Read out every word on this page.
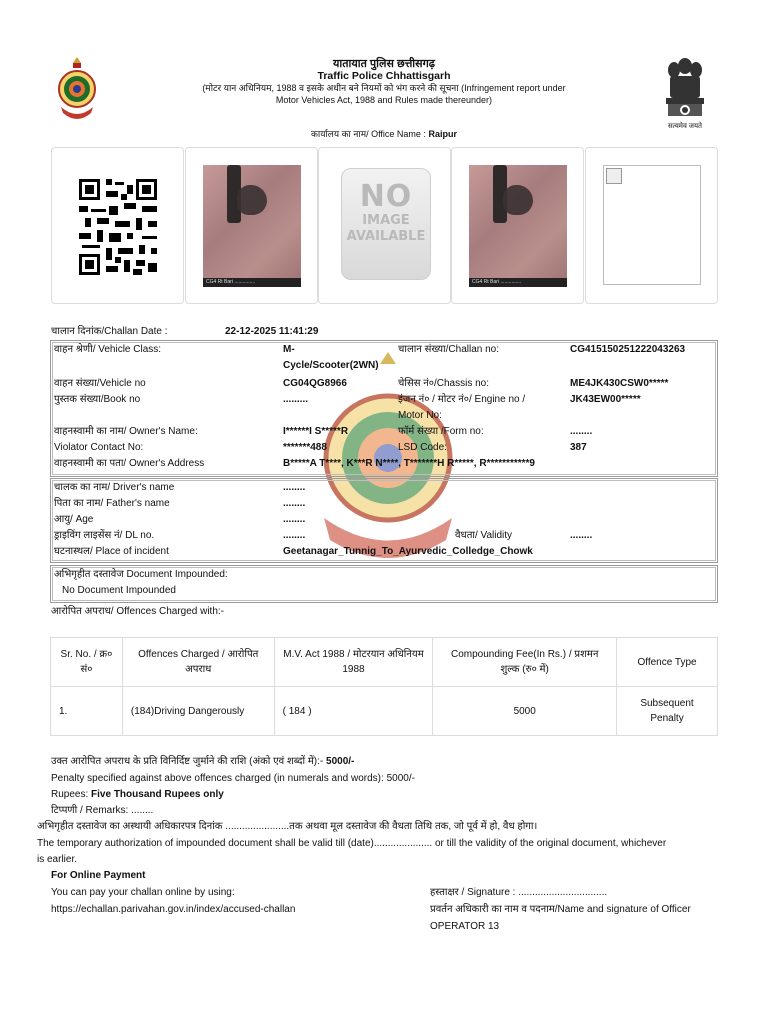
यातायात पुलिस छत्तीसगढ़
Traffic Police Chhattisgarh
(मोटर यान अधिनियम, 1988 व इसके अधीन बने नियमों को भंग करने की सूचना (Infringement report under
Motor Vehicles Act, 1988 and Rules made thereunder)
सत्यमेव जयते
कार्यालय का नाम/ Office Name : Raipur
CG4 Rt Bari ...............
NO
IMAGE
AVAILABLE
CG4 Rt Bari ...............
चालान दिनांक/Challan Date :	22-12-2025 11:41:29
वाहन श्रेणी/ Vehicle Class:	M-
Cycle/Scooter(2WN)
चालान संख्या/Challan no:	CG415150251222043263
वाहन संख्या/Vehicle no	CG04QG8966	चेसिस नं०/Chassis no:	ME4JK430CSW0*****
पुस्तक संख्या/Book no	.........	इंजन नं० / मोटर नं०/ Engine no /
Motor No:
JK43EW00*****
वाहनस्वामी का नाम/ Owner's Name:	I******I S*****R	फॉर्म संख्या /Form no:	........
Violator Contact No:	*******488	LSD Code:	387
वाहनस्वामी का पता/ Owner's Address	B*****A T****, K***R N****, T*******H R*****, R***********9
चालक का नाम/ Driver's name	........
पिता का नाम/ Father's name	........
आयु/ Age	........
ड्राइविंग लाइसेंस नं/ DL no.	........	वैधता/ Validity	........
घटनास्थल/ Place of incident	Geetanagar_Tunnig_To_Ayurvedic_Colledge_Chowk
अभिगृहीत दस्तावेज Document Impounded:
No Document Impounded
आरोपित अपराध/ Offences Charged with:-
Sr. No. / क्र० सं०	Offences Charged / आरोपित अपराध	M.V. Act 1988 / मोटरयान अधिनियम 1988	Compounding Fee(In Rs.) / प्रशमन शुल्क (रु० में)	Offence Type
1.	(184)Driving Dangerously	( 184 )	5000	Subsequent Penalty
उक्त आरोपित अपराध के प्रति विनिर्दिष्ट जुर्माने की राशि (अंको एवं शब्दों में):- 5000/-
Penalty specified against above offences charged (in numerals and words): 5000/-
Rupees: Five Thousand Rupees only
टिप्पणी / Remarks: ........
अभिगृहीत दस्तावेज का अस्थायी अधिकारपत्र दिनांक .......................तक अथवा मूल दस्तावेज की वैधता तिथि तक, जो पूर्व में हो, वैध होगा।
The temporary authorization of impounded document shall be valid till (date)..................... or till the validity of the original document, whichever
is earlier.
For Online Payment
You can pay your challan online by using:
https://echallan.parivahan.gov.in/index/accused-challan
हस्ताक्षर / Signature : ................................
प्रवर्तन अधिकारी का नाम व पदनाम/Name and signature of Officer
OPERATOR 13
